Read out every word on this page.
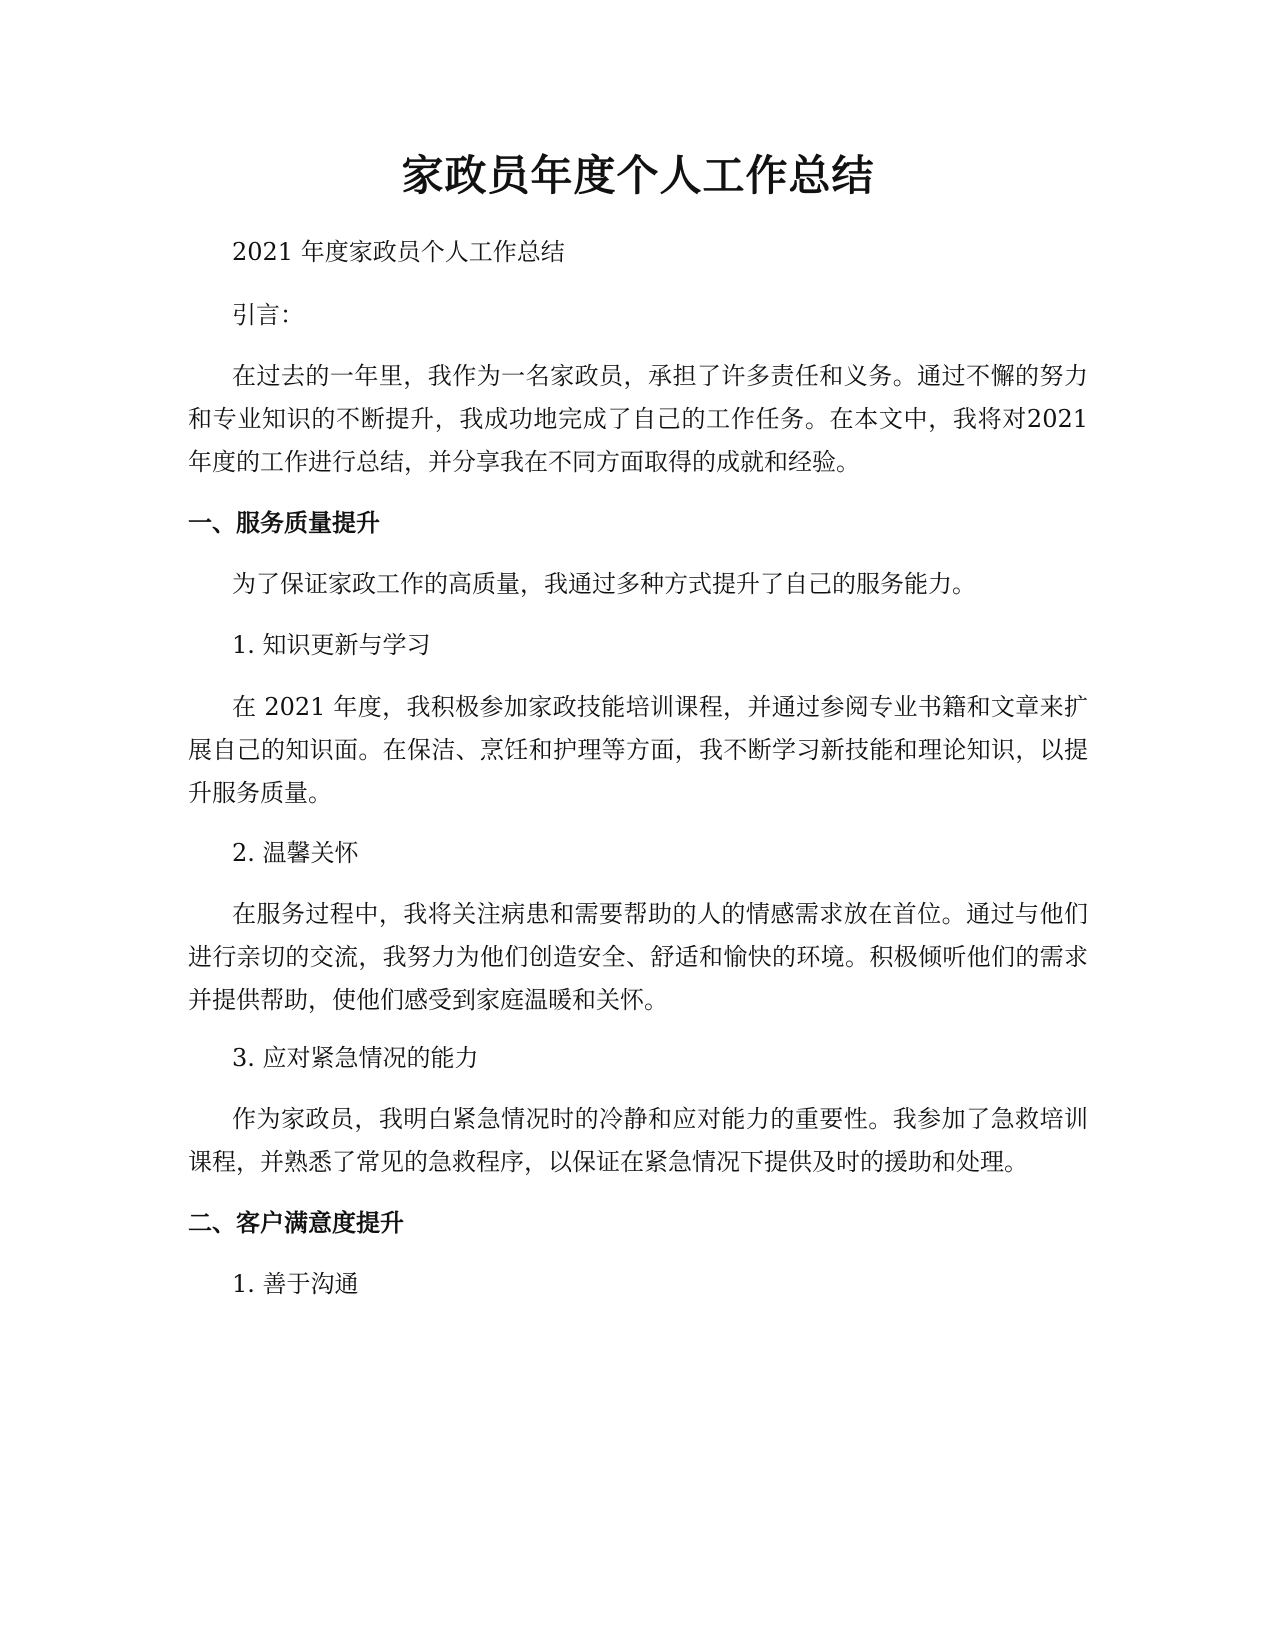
家政员年度个人工作总结

2021 年度家政员个人工作总结

引言：

在过去的一年里，我作为一名家政员，承担了许多责任和义务。通过不懈的努力和专业知识的不断提升，我成功地完成了自己的工作任务。在本文中，我将对2021 年度的工作进行总结，并分享我在不同方面取得的成就和经验。

一、服务质量提升

为了保证家政工作的高质量，我通过多种方式提升了自己的服务能力。

1. 知识更新与学习

在 2021 年度，我积极参加家政技能培训课程，并通过参阅专业书籍和文章来扩展自己的知识面。在保洁、烹饪和护理等方面，我不断学习新技能和理论知识，以提升服务质量。

2. 温馨关怀

在服务过程中，我将关注病患和需要帮助的人的情感需求放在首位。通过与他们进行亲切的交流，我努力为他们创造安全、舒适和愉快的环境。积极倾听他们的需求并提供帮助，使他们感受到家庭温暖和关怀。

3. 应对紧急情况的能力

作为家政员，我明白紧急情况时的冷静和应对能力的重要性。我参加了急救培训课程，并熟悉了常见的急救程序，以保证在紧急情况下提供及时的援助和处理。

二、客户满意度提升

1. 善于沟通
